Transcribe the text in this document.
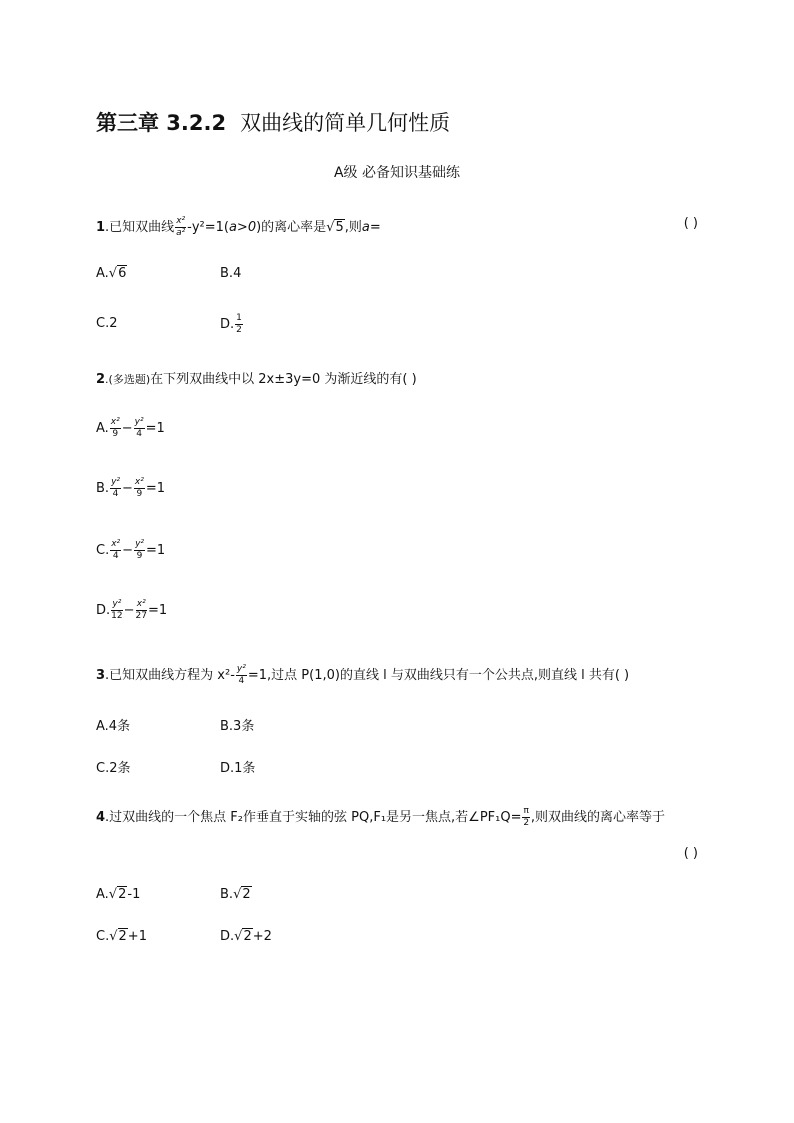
第三章 3.2.2 双曲线的简单几何性质
A级 必备知识基础练
1.已知双曲线 $\frac{\text{x²}}{\text{a²}} -y^2=1(a>0)$的离心率是√5,则a=	( )
A.√6	B.4
C.2	D. $\frac{1}{2}$
2.(多选题)在下列双曲线中以 2x±3y=0 为渐近线的有( )
A. $\frac{\text{x²}}{9} - \frac{\text{y²}}{4} =1$
B. $\frac{\text{y²}}{4} - \frac{\text{x²}}{9} =1$
C. $\frac{\text{x²}}{4} - \frac{\text{y²}}{9} =1$
D. $\frac{\text{y²}}{12} - \frac{\text{x²}}{27} =1$
3.已知双曲线方程为 $x^2- \frac{\text{y²}}{4} =1$,过点 P(1,0)的直线 l 与双曲线只有一个公共点,则直线 l 共有( )
A.4条	B.3条
C.2条	D.1条
4.过双曲线的一个焦点 F₂作垂直于实轴的弦 PQ,F₁是另一焦点,若∠PF₁Q= $\frac{\pi}{2}$ ,则双曲线的离心率等于
( )
A.√2-1	B.√2
C.√2+1	D.√2+2
